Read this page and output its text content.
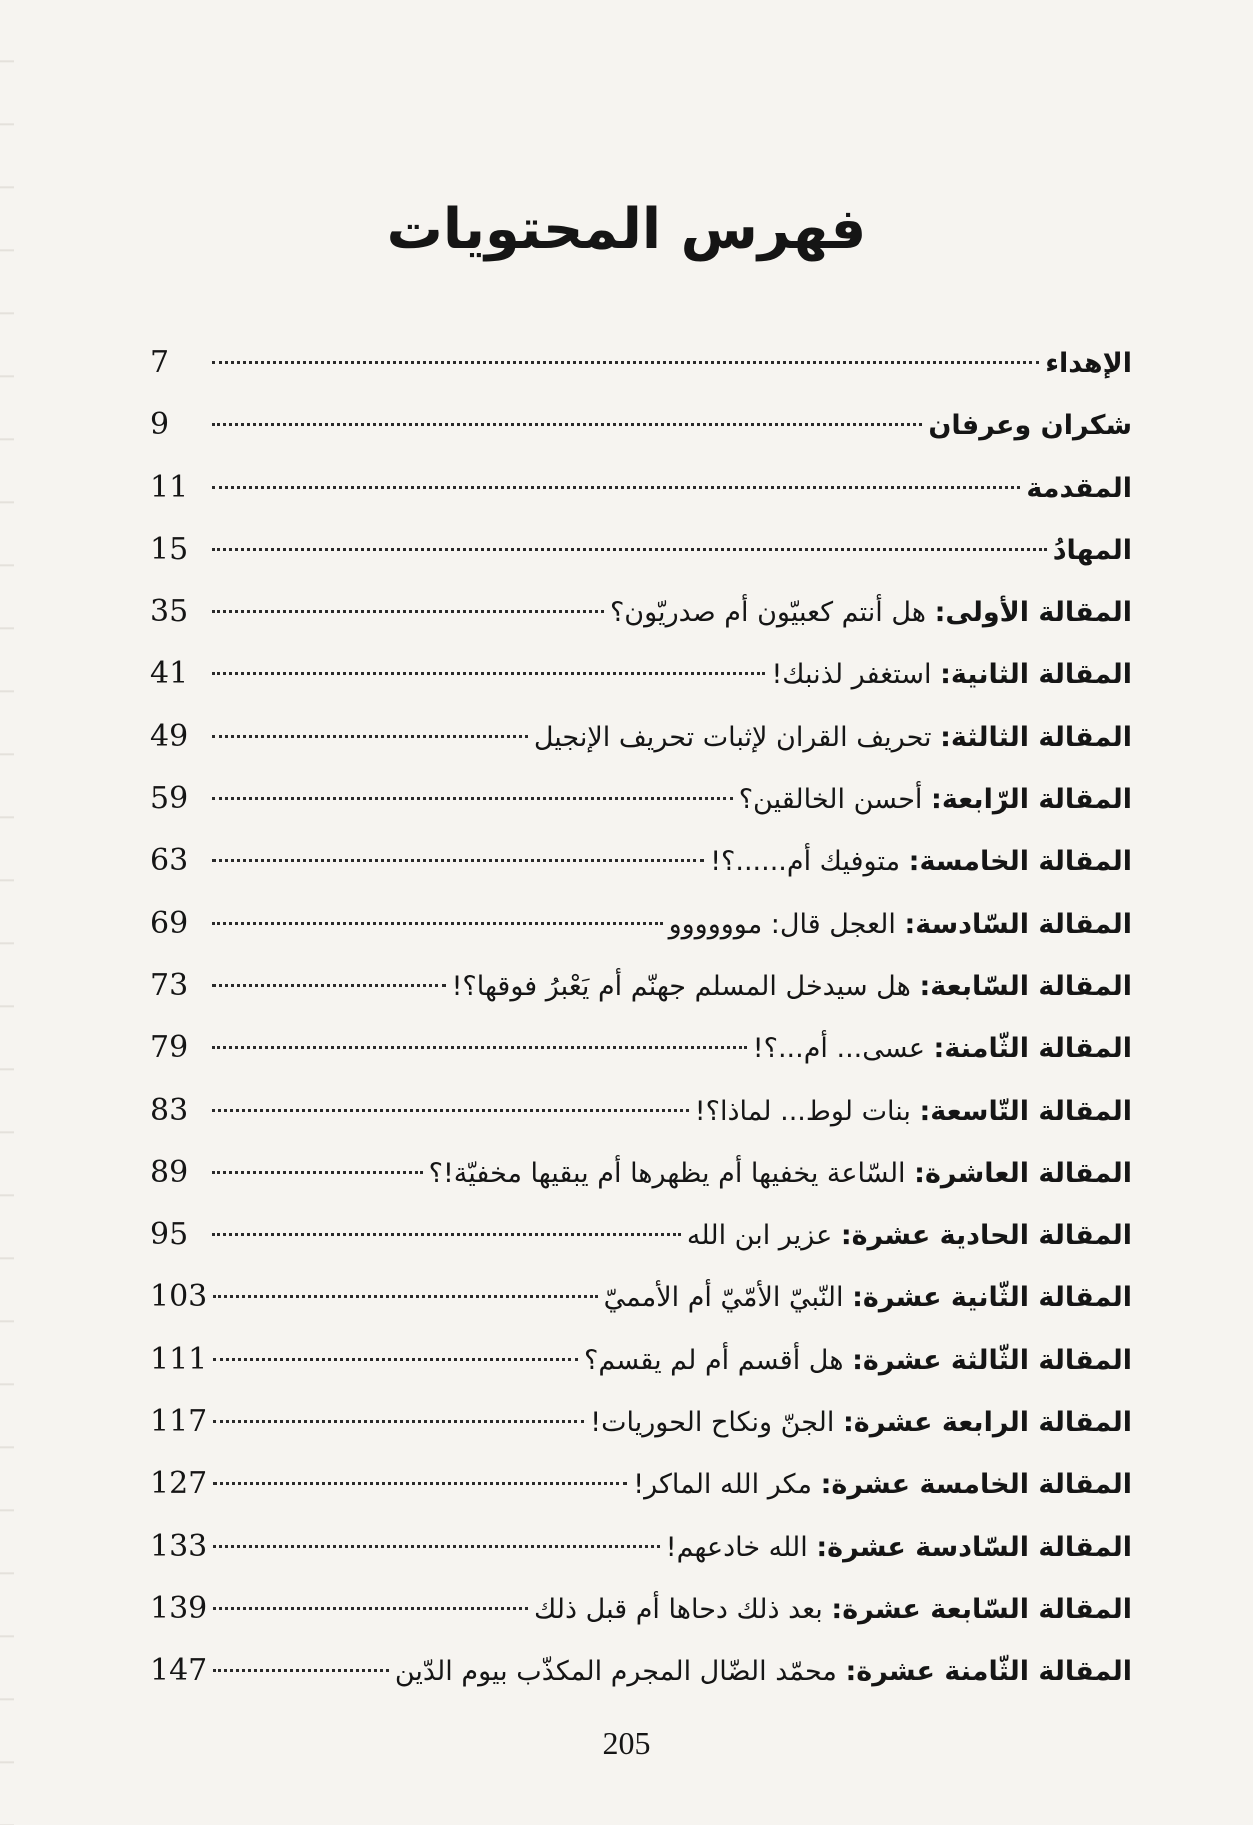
فهرس المحتويات
الإهداء
7
شكران وعرفان
9
المقدمة
11
المهادُ
15
المقالة الأولى: هل أنتم كعبيّون أم صدريّون؟
35
المقالة الثانية: استغفر لذنبك!
41
المقالة الثالثة: تحريف القران لإثبات تحريف الإنجيل
49
المقالة الرّابعة: أحسن الخالقين؟
59
المقالة الخامسة: متوفيك أم......؟!
63
المقالة السّادسة: العجل قال: موووووو
69
المقالة السّابعة: هل سيدخل المسلم جهنّم أم يَعْبرُ فوقها؟!
73
المقالة الثّامنة: عسى... أم...؟!
79
المقالة التّاسعة: بنات لوط... لماذا؟!
83
المقالة العاشرة: السّاعة يخفيها أم يظهرها أم يبقيها مخفيّة!؟
89
المقالة الحادية عشرة: عزير ابن الله
95
المقالة الثّانية عشرة: النّبيّ الأمّيّ أم الأمميّ
103
المقالة الثّالثة عشرة: هل أقسم أم لم يقسم؟
111
المقالة الرابعة عشرة: الجنّ ونكاح الحوريات!
117
المقالة الخامسة عشرة: مكر الله الماكر!
127
المقالة السّادسة عشرة: الله خادعهم!
133
المقالة السّابعة عشرة: بعد ذلك دحاها أم قبل ذلك
139
المقالة الثّامنة عشرة: محمّد الضّال المجرم المكذّب بيوم الدّين
147
205
